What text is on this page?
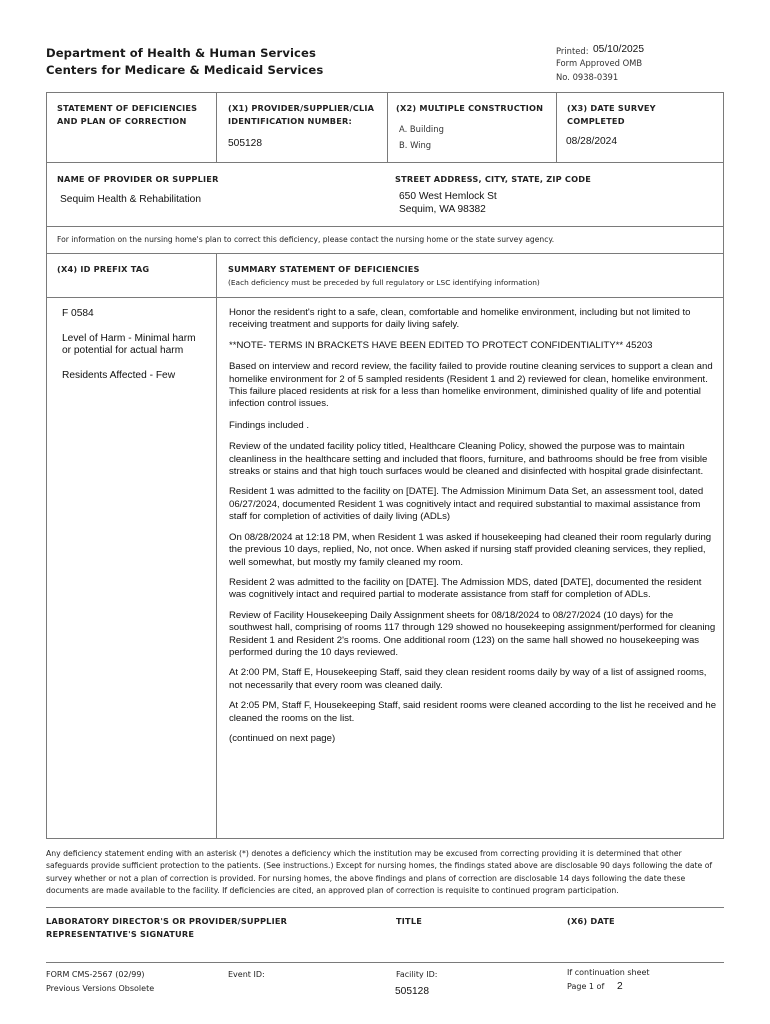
Department of Health & Human Services
Centers for Medicare & Medicaid Services
Printed: 05/10/2025
Form Approved OMB
No. 0938-0391
STATEMENT OF DEFICIENCIES
AND PLAN OF CORRECTION
(X1) PROVIDER/SUPPLIER/CLIA
IDENTIFICATION NUMBER:
505128
(X2) MULTIPLE CONSTRUCTION
A. Building
B. Wing
(X3) DATE SURVEY
COMPLETED
08/28/2024
NAME OF PROVIDER OR SUPPLIER
Sequim Health & Rehabilitation
STREET ADDRESS, CITY, STATE, ZIP CODE
650 West Hemlock St
Sequim, WA 98382
For information on the nursing home's plan to correct this deficiency, please contact the nursing home or the state survey agency.
(X4) ID PREFIX TAG	SUMMARY STATEMENT OF DEFICIENCIES
(Each deficiency must be preceded by full regulatory or LSC identifying information)
F 0584
Level of Harm - Minimal harm or potential for actual harm
Residents Affected - Few

Honor the resident's right to a safe, clean, comfortable and homelike environment, including but not limited to receiving treatment and supports for daily living safely.

**NOTE- TERMS IN BRACKETS HAVE BEEN EDITED TO PROTECT CONFIDENTIALITY** 45203

Based on interview and record review, the facility failed to provide routine cleaning services to support a clean and homelike environment for 2 of 5 sampled residents (Resident 1 and 2) reviewed for clean, homelike environment. This failure placed residents at risk for a less than homelike environment, diminished quality of life and potential infection control issues.

Findings included .

Review of the undated facility policy titled, Healthcare Cleaning Policy, showed the purpose was to maintain cleanliness in the healthcare setting and included that floors, furniture, and bathrooms should be free from visible streaks or stains and that high touch surfaces would be cleaned and disinfected with hospital grade disinfectant.

Resident 1 was admitted to the facility on [DATE]. The Admission Minimum Data Set, an assessment tool, dated 06/27/2024, documented Resident 1 was cognitively intact and required substantial to maximal assistance from staff for completion of activities of daily living (ADLs)

On 08/28/2024 at 12:18 PM, when Resident 1 was asked if housekeeping had cleaned their room regularly during the previous 10 days, replied, No, not once. When asked if nursing staff provided cleaning services, they replied, well somewhat, but mostly my family cleaned my room.

Resident 2 was admitted to the facility on [DATE]. The Admission MDS, dated [DATE], documented the resident was cognitively intact and required partial to moderate assistance from staff for completion of ADLs.

Review of Facility Housekeeping Daily Assignment sheets for 08/18/2024 to 08/27/2024 (10 days) for the southwest hall, comprising of rooms 117 through 129 showed no housekeeping assignment/performed for cleaning Resident 1 and Resident 2's rooms. One additional room (123) on the same hall showed no housekeeping was performed during the 10 days reviewed.

At 2:00 PM, Staff E, Housekeeping Staff, said they clean resident rooms daily by way of a list of assigned rooms, not necessarily that every room was cleaned daily.

At 2:05 PM, Staff F, Housekeeping Staff, said resident rooms were cleaned according to the list he received and he cleaned the rooms on the list.

(continued on next page)

Any deficiency statement ending with an asterisk (*) denotes a deficiency which the institution may be excused from correcting providing it is determined that other safeguards provide sufficient protection to the patients. (See instructions.) Except for nursing homes, the findings stated above are disclosable 90 days following the date of survey whether or not a plan of correction is provided. For nursing homes, the above findings and plans of correction are disclosable 14 days following the date these documents are made available to the facility. If deficiencies are cited, an approved plan of correction is requisite to continued program participation.
LABORATORY DIRECTOR'S OR PROVIDER/SUPPLIER
REPRESENTATIVE'S SIGNATURE
TITLE	(X6) DATE
FORM CMS-2567 (02/99)
Previous Versions Obsolete
Event ID:	Facility ID:
505128
If continuation sheet
Page 1 of 2
